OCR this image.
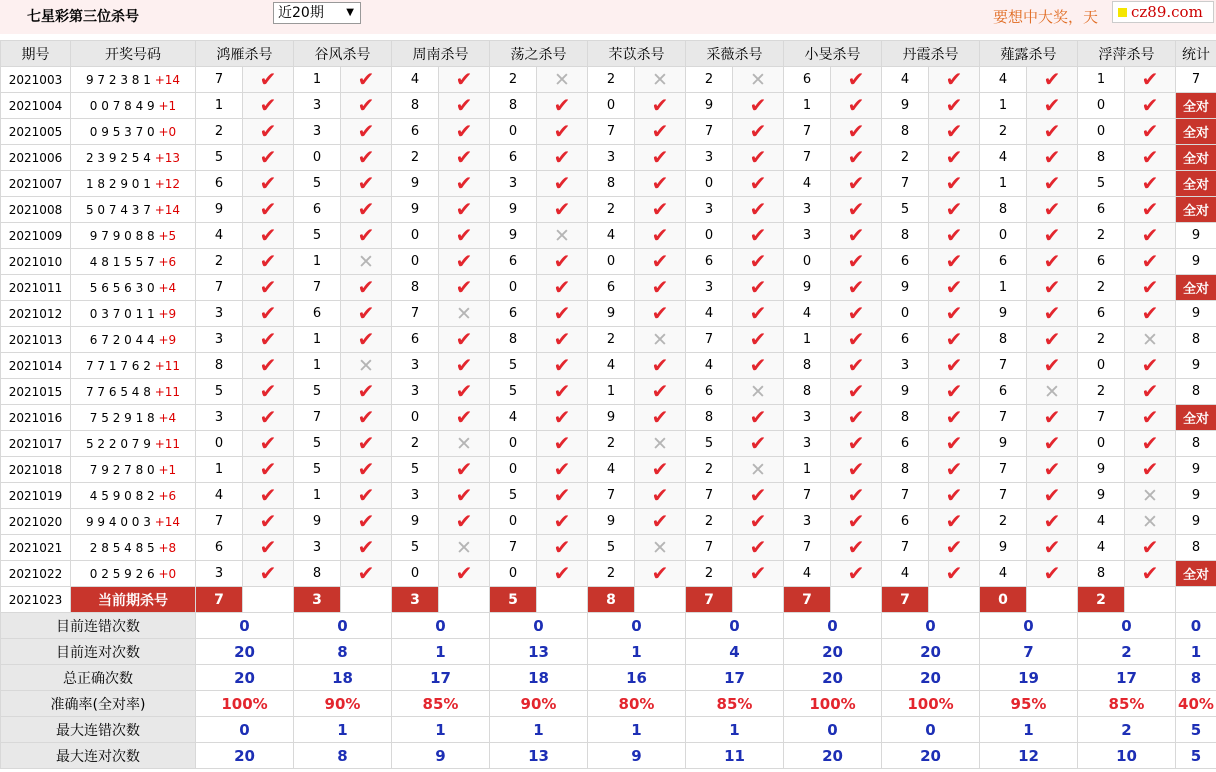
七星彩第三位杀号	近20期 ▼	要想中大奖，天 cz89.com
期号	开奖号码	鸿雁杀号		谷风杀号		周南杀号		荡之杀号		芣苡杀号		采薇杀号		小旻杀号		丹霞杀号		薤露杀号		浮萍杀号		统计
2021003	9 7 2 3 8 1 +14	7	✔	1	✔	4	✔	2	✕	2	✕	2	✕	6	✔	4	✔	4	✔	1	✔	7
2021004	0 0 7 8 4 9 +1	1	✔	3	✔	8	✔	8	✔	0	✔	9	✔	1	✔	9	✔	1	✔	0	✔	全对
2021005	0 9 5 3 7 0 +0	2	✔	3	✔	6	✔	0	✔	7	✔	7	✔	7	✔	8	✔	2	✔	0	✔	全对
2021006	2 3 9 2 5 4 +13	5	✔	0	✔	2	✔	6	✔	3	✔	3	✔	7	✔	2	✔	4	✔	8	✔	全对
2021007	1 8 2 9 0 1 +12	6	✔	5	✔	9	✔	3	✔	8	✔	0	✔	4	✔	7	✔	1	✔	5	✔	全对
2021008	5 0 7 4 3 7 +14	9	✔	6	✔	9	✔	9	✔	2	✔	3	✔	3	✔	5	✔	8	✔	6	✔	全对
2021009	9 7 9 0 8 8 +5	4	✔	5	✔	0	✔	9	✕	4	✔	0	✔	3	✔	8	✔	0	✔	2	✔	9
2021010	4 8 1 5 5 7 +6	2	✔	1	✕	0	✔	6	✔	0	✔	6	✔	0	✔	6	✔	6	✔	6	✔	9
2021011	5 6 5 6 3 0 +4	7	✔	7	✔	8	✔	0	✔	6	✔	3	✔	9	✔	9	✔	1	✔	2	✔	全对
2021012	0 3 7 0 1 1 +9	3	✔	6	✔	7	✕	6	✔	9	✔	4	✔	4	✔	0	✔	9	✔	6	✔	9
2021013	6 7 2 0 4 4 +9	3	✔	1	✔	6	✔	8	✔	2	✕	7	✔	1	✔	6	✔	8	✔	2	✕	8
2021014	7 7 1 7 6 2 +11	8	✔	1	✕	3	✔	5	✔	4	✔	4	✔	8	✔	3	✔	7	✔	0	✔	9
2021015	7 7 6 5 4 8 +11	5	✔	5	✔	3	✔	5	✔	1	✔	6	✕	8	✔	9	✔	6	✕	2	✔	8
2021016	7 5 2 9 1 8 +4	3	✔	7	✔	0	✔	4	✔	9	✔	8	✔	3	✔	8	✔	7	✔	7	✔	全对
2021017	5 2 2 0 7 9 +11	0	✔	5	✔	2	✕	0	✔	2	✕	5	✔	3	✔	6	✔	9	✔	0	✔	8
2021018	7 9 2 7 8 0 +1	1	✔	5	✔	5	✔	0	✔	4	✔	2	✕	1	✔	8	✔	7	✔	9	✔	9
2021019	4 5 9 0 8 2 +6	4	✔	1	✔	3	✔	5	✔	7	✔	7	✔	7	✔	7	✔	7	✔	9	✕	9
2021020	9 9 4 0 0 3 +14	7	✔	9	✔	9	✔	0	✔	9	✔	2	✔	3	✔	6	✔	2	✔	4	✕	9
2021021	2 8 5 4 8 5 +8	6	✔	3	✔	5	✕	7	✔	5	✕	7	✔	7	✔	7	✔	9	✔	4	✔	8
2021022	0 2 5 9 2 6 +0	3	✔	8	✔	0	✔	0	✔	2	✔	2	✔	4	✔	4	✔	4	✔	8	✔	全对
2021023	当前期杀号	7		3		3		5		8		7		7		7		0		2		
目前连错次数		0		0		0		0		0		0		0		0		0		0		0
目前连对次数		20		8		1		13		1		4		20		20		7		2		1
总正确次数		20		18		17		18		16		17		20		20		19		17		8
准确率(全对率)		100%		90%		85%		90%		80%		85%		100%		100%		95%		85%		40%
最大连错次数		0		1		1		1		1		1		0		0		1		2		5
最大连对次数		20		8		9		13		9		11		20		20		12		10		5
